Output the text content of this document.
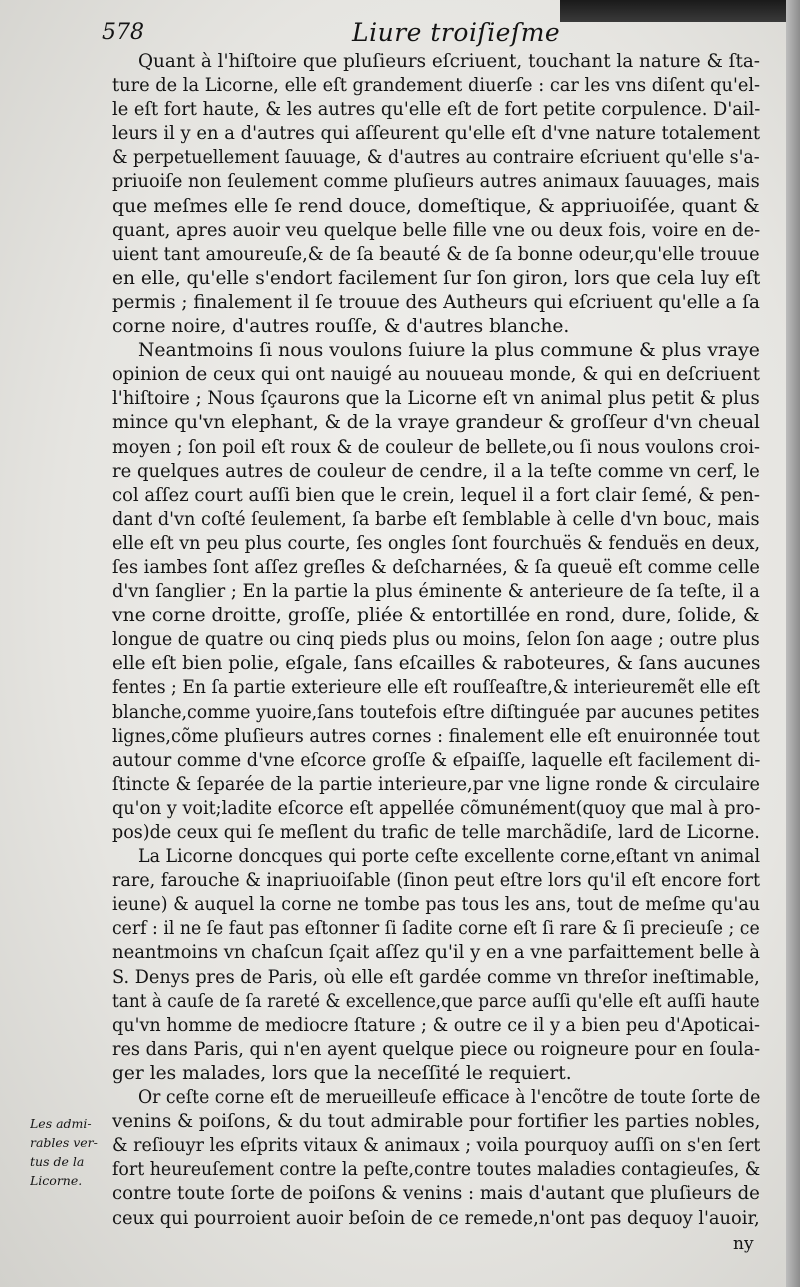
578	Liure troiſieſme
Quant à l'hiſtoire que pluſieurs eſcriuent, touchant la nature & ſta-
ture de la Licorne, elle eſt grandement diuerſe : car les vns diſent qu'el-
le eſt fort haute, & les autres qu'elle eſt de fort petite corpulence. D'ail-
leurs il y en a d'autres qui aſſeurent qu'elle eſt d'vne nature totalement
& perpetuellement ſauuage, & d'autres au contraire eſcriuent qu'elle s'a-
priuoiſe non ſeulement comme pluſieurs autres animaux ſauuages, mais
que meſmes elle ſe rend douce, domeſtique, & appriuoiſée, quant &
quant, apres auoir veu quelque belle fille vne ou deux fois, voire en de-
uient tant amoureuſe,& de ſa beauté & de ſa bonne odeur,qu'elle trouue
en elle, qu'elle s'endort facilement ſur ſon giron, lors que cela luy eſt
permis ; finalement il ſe trouue des Autheurs qui eſcriuent qu'elle a ſa
corne noire, d'autres rouſſe, & d'autres blanche.
Neantmoins ſi nous voulons ſuiure la plus commune & plus vraye
opinion de ceux qui ont nauigé au nouueau monde, & qui en deſcriuent
l'hiſtoire ; Nous ſçaurons que la Licorne eſt vn animal plus petit & plus
mince qu'vn elephant, & de la vraye grandeur & groſſeur d'vn cheual
moyen ; ſon poil eſt roux & de couleur de bellete,ou ſi nous voulons croi-
re quelques autres de couleur de cendre, il a la teſte comme vn cerf, le
col aſſez court auſſi bien que le crein, lequel il a fort clair ſemé, & pen-
dant d'vn coſté ſeulement, ſa barbe eſt ſemblable à celle d'vn bouc, mais
elle eſt vn peu plus courte, ſes ongles ſont fourchuës & fenduës en deux,
ſes iambes ſont aſſez greſles & deſcharnées, & ſa queuë eſt comme celle
d'vn ſanglier ; En la partie la plus éminente & anterieure de ſa teſte, il a
vne corne droitte, groſſe, pliée & entortillée en rond, dure, ſolide, &
longue de quatre ou cinq pieds plus ou moins, ſelon ſon aage ; outre plus
elle eſt bien polie, eſgale, ſans eſcailles & raboteures, & ſans aucunes
fentes ; En ſa partie exterieure elle eſt rouſſeaſtre,& interieuremẽt elle eſt
blanche,comme yuoire,ſans toutefois eſtre diſtinguée par aucunes petites
lignes,cõme pluſieurs autres cornes : finalement elle eſt enuironnée tout
autour comme d'vne eſcorce groſſe & eſpaiſſe, laquelle eſt facilement di-
ſtincte & ſeparée de la partie interieure,par vne ligne ronde & circulaire
qu'on y voit;ladite eſcorce eſt appellée cõmunément(quoy que mal à pro-
pos)de ceux qui ſe meſlent du trafic de telle marchãdiſe, lard de Licorne.
La Licorne doncques qui porte ceſte excellente corne,eſtant vn animal
rare, farouche & inapriuoiſable (ſinon peut eſtre lors qu'il eſt encore fort
ieune) & auquel la corne ne tombe pas tous les ans, tout de meſme qu'au
cerf : il ne ſe faut pas eſtonner ſi ſadite corne eſt ſi rare & ſi precieuſe ; ce
neantmoins vn chaſcun ſçait aſſez qu'il y en a vne parfaittement belle à
S. Denys pres de Paris, où elle eſt gardée comme vn threſor ineſtimable,
tant à cauſe de ſa rareté & excellence,que parce auſſi qu'elle eſt auſſi haute
qu'vn homme de mediocre ſtature ; & outre ce il y a bien peu d'Apoticai-
res dans Paris, qui n'en ayent quelque piece ou roigneure pour en ſoula-
ger les malades, lors que la neceſſité le requiert.
Or ceſte corne eſt de merueilleuſe efficace à l'encõtre de toute ſorte de
venins & poiſons, & du tout admirable pour fortifier les parties nobles,
& reſiouyr les eſprits vitaux & animaux ; voila pourquoy auſſi on s'en ſert
fort heureuſement contre la peſte,contre toutes maladies contagieuſes, &
contre toute ſorte de poiſons & venins : mais d'autant que pluſieurs de
ceux qui pourroient auoir beſoin de ce remede,n'ont pas dequoy l'auoir,
Les admi-
rables ver-
tus de la
Licorne.
ny
